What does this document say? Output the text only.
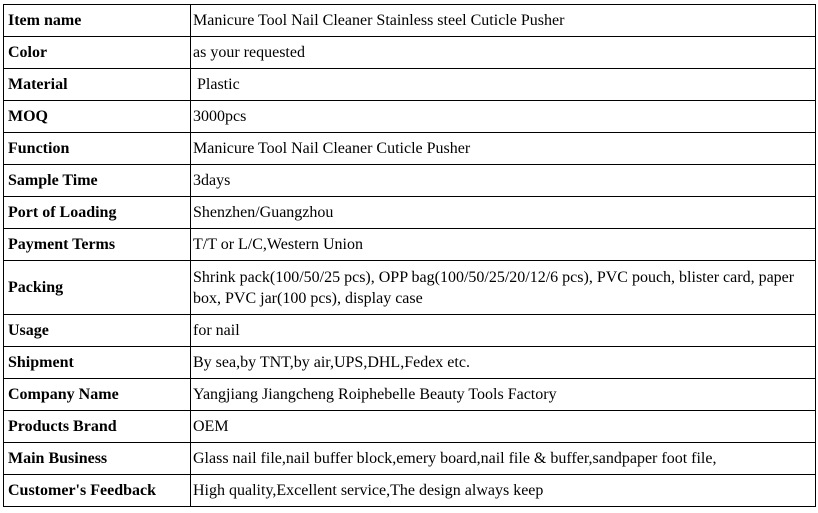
Item name	Manicure Tool Nail Cleaner Stainless steel Cuticle Pusher
Color	as your requested
Material	Plastic
MOQ	3000pcs
Function	Manicure Tool Nail Cleaner Cuticle Pusher
Sample Time	3days
Port of Loading	Shenzhen/Guangzhou
Payment Terms	T/T or L/C,Western Union
Packing	Shrink pack(100/50/25 pcs), OPP bag(100/50/25/20/12/6 pcs), PVC pouch, blister card, paper box, PVC jar(100 pcs), display case
Usage	for nail
Shipment	By sea,by TNT,by air,UPS,DHL,Fedex etc.
Company Name	Yangjiang Jiangcheng Roiphebelle Beauty Tools Factory
Products Brand	OEM
Main Business	Glass nail file,nail buffer block,emery board,nail file & buffer,sandpaper foot file,
Customer's Feedback	High quality,Excellent service,The design always keep
